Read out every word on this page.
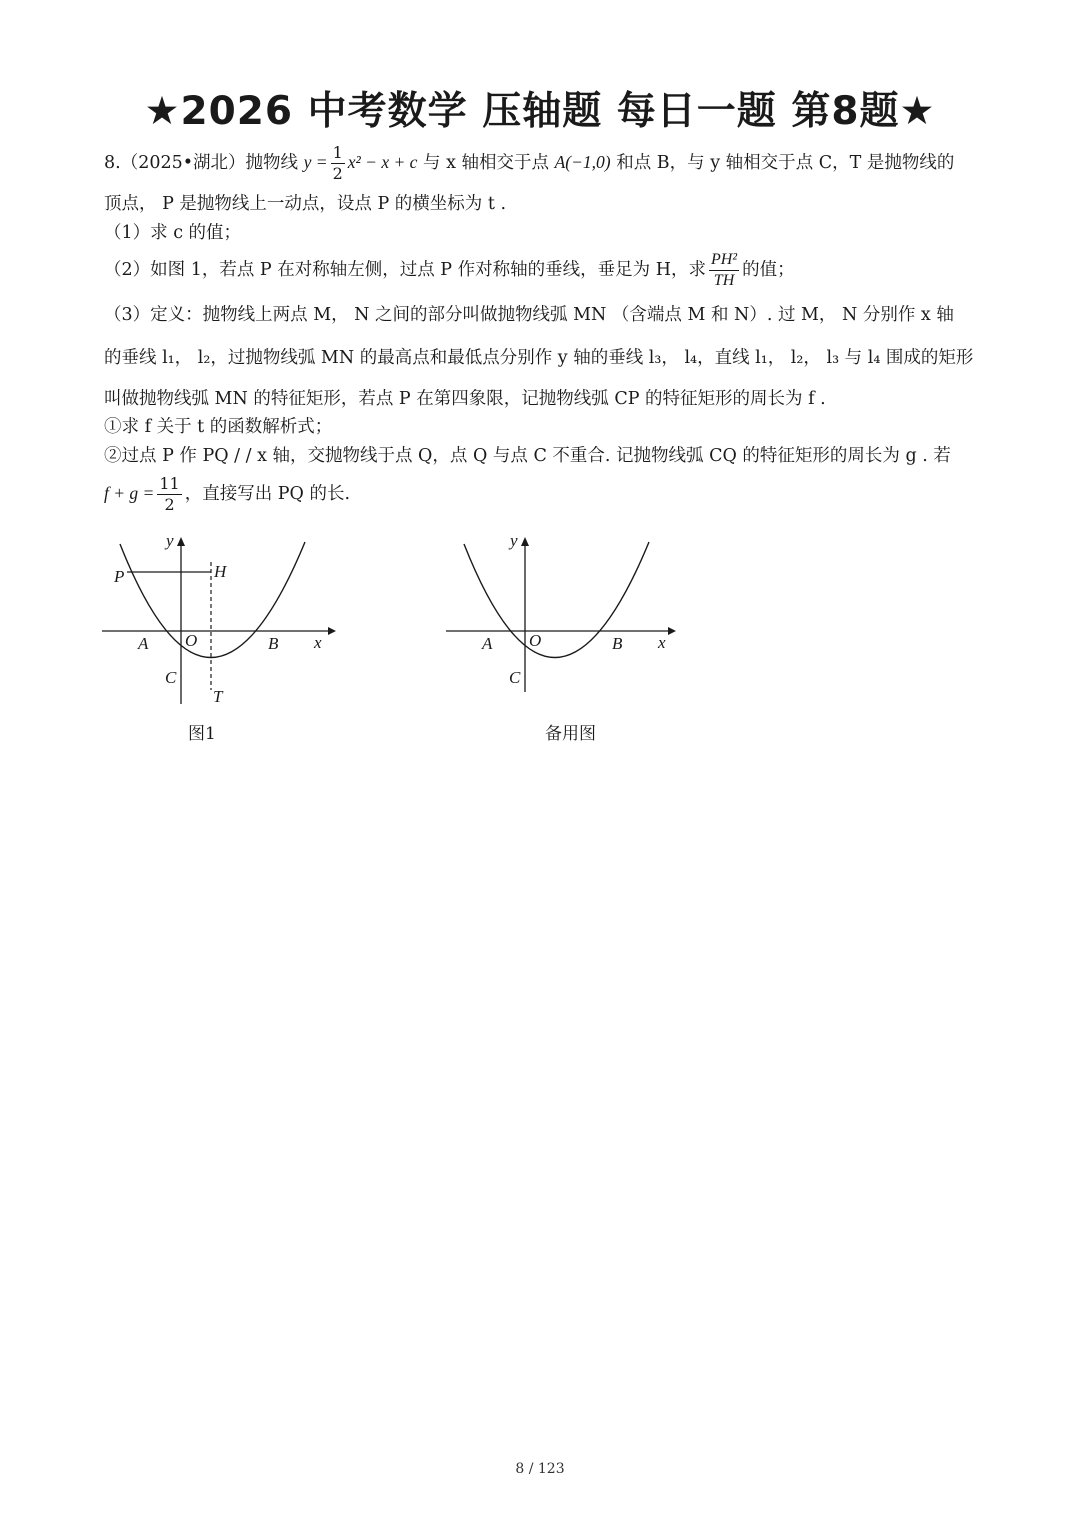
★2026 中考数学 压轴题 每日一题 第8题★
8.（2025•湖北）抛物线 $y = \frac{1}{2} x^2 - x + c$ 与 x 轴相交于点 A(−1,0) 和点 B，与 y 轴相交于点 C，T 是抛物线的
顶点， P 是抛物线上一动点，设点 P 的横坐标为 t .
（1）求 c 的值；
（2）如图 1，若点 P 在对称轴左侧，过点 P 作对称轴的垂线，垂足为 H，求 $\frac{\text{PH²}}{TH}$ 的值；
（3）定义：抛物线上两点 M， N 之间的部分叫做抛物线弧 MN （含端点 M 和 N）. 过 M， N 分别作 x 轴
的垂线 l₁， l₂，过抛物线弧 MN 的最高点和最低点分别作 y 轴的垂线 l₃， l₄，直线 l₁， l₂， l₃ 与 l₄ 围成的矩形
叫做抛物线弧 MN 的特征矩形，若点 P 在第四象限，记抛物线弧 CP 的特征矩形的周长为 f .
①求 f 关于 t 的函数解析式；
②过点 P 作 PQ / / x 轴，交抛物线于点 Q，点 Q 与点 C 不重合. 记抛物线弧 CQ 的特征矩形的周长为 g . 若
$f + g = \frac{11}{2}$ ，直接写出 PQ 的长.
P	H
y
x
A O	B
C
T
图1
y
x
A O	B
C
备用图
8 / 123
